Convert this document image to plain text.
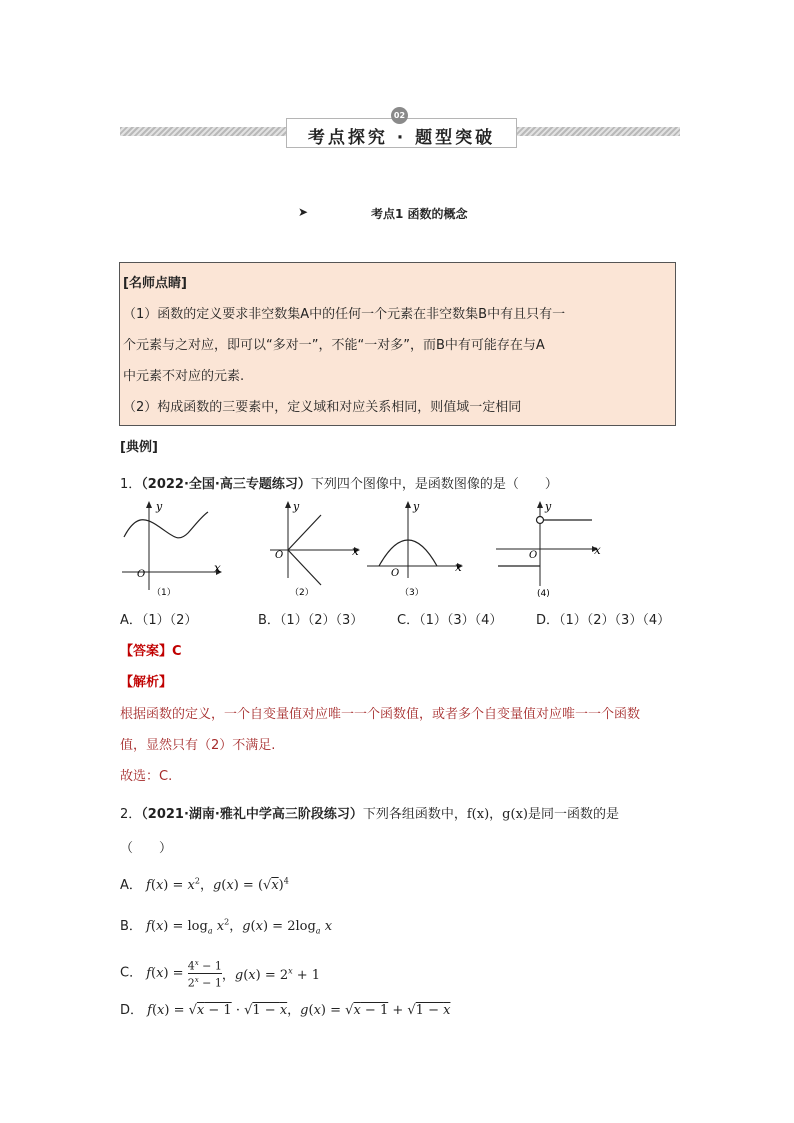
考点探究 · 题型突破
02
➤	考点1 函数的概念
[名师点睛]
（1）函数的定义要求非空数集A中的任何一个元素在非空数集B中有且只有一
个元素与之对应，即可以“多对一”，不能“一对多”，而B中有可能存在与A
中元素不对应的元素.
（2）构成函数的三要素中，定义域和对应关系相同，则值域一定相同
[典例]
1．（2022·全国·高三专题练习）下列四个图像中，是函数图像的是（　　）
y
x
O
（1）
y
x
O
（2）
y
x
O
（3）
y
x
O
(4)
A．（1）（2）	B．（1）（2）（3）	C．（1）（3）（4）	D．（1）（2）（3）（4）
【答案】C
【解析】
根据函数的定义，一个自变量值对应唯一一个函数值，或者多个自变量值对应唯一一个函数
值，显然只有（2）不满足.
故选：C.
2．（2021·湖南·雅礼中学高三阶段练习）下列各组函数中，f(x)，g(x)是同一函数的是
（　　）
A． $f(x) = x^2$，$g(x) = (√x)^4$
B． $f(x) = \log_a x^2$，$g(x) = 2\log_a$ x
C． $f(x) = \frac{4^x - 1}{2^x - 1}$ ，$g(x) = 2^x + 1$
D． f(x) = √x − 1 · √1 − x，g(x) = √x − 1 + √1 − x
